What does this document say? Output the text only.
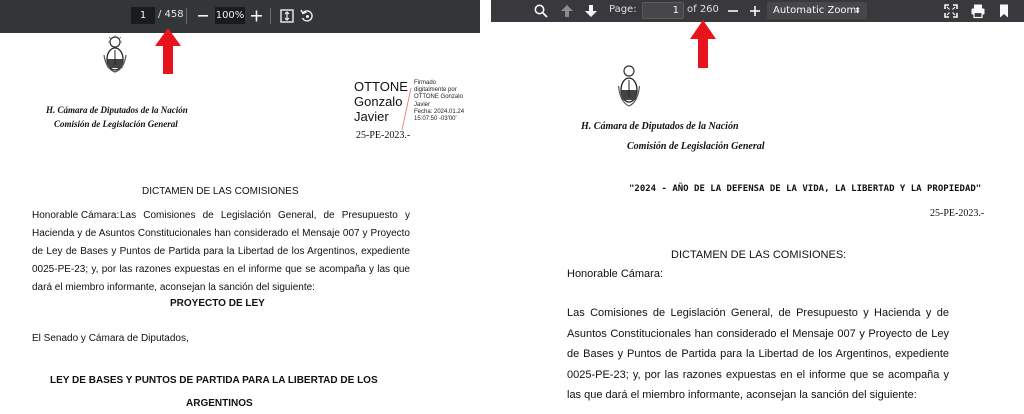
1
/ 458	100%
H. Cámara de Diputados de la Nación
Comisión de Legislación General
OTTONE
Gonzalo
Javier
Firmado
digitalmente por
OTTONE Gonzalo
Javier
Fecha: 2024.01.24
15:07:50 -03'00'
25-PE-2023.-
DICTAMEN DE LAS COMISIONES
Honorable Cámara: Las Comisiones de Legislación General, de Presupuesto y Hacienda y de Asuntos Constitucionales han considerado el Mensaje 007 y Proyecto de Ley de Bases y Puntos de Partida para la Libertad de los Argentinos, expediente 0025-PE-23; y, por las razones expuestas en el informe que se acompaña y las que dará el miembro informante, aconsejan la sanción del siguiente:
PROYECTO DE LEY
El Senado y Cámara de Diputados,
LEY DE BASES Y PUNTOS DE PARTIDA PARA LA LIBERTAD DE LOS
ARGENTINOS
Page:
1	of 260	Automatic Zoom
⬍
H. Cámara de Diputados de la Nación
Comisión de Legislación General
"2024 - AÑO DE LA DEFENSA DE LA VIDA, LA LIBERTAD Y LA PROPIEDAD"
25-PE-2023.-
DICTAMEN DE LAS COMISIONES:
Honorable Cámara:
Las Comisiones de Legislación General, de Presupuesto y Hacienda y de Asuntos Constitucionales han considerado el Mensaje 007 y Proyecto de Ley de Bases y Puntos de Partida para la Libertad de los Argentinos, expediente 0025-PE-23; y, por las razones expuestas en el informe que se acompaña y las que dará el miembro informante, aconsejan la sanción del siguiente:
